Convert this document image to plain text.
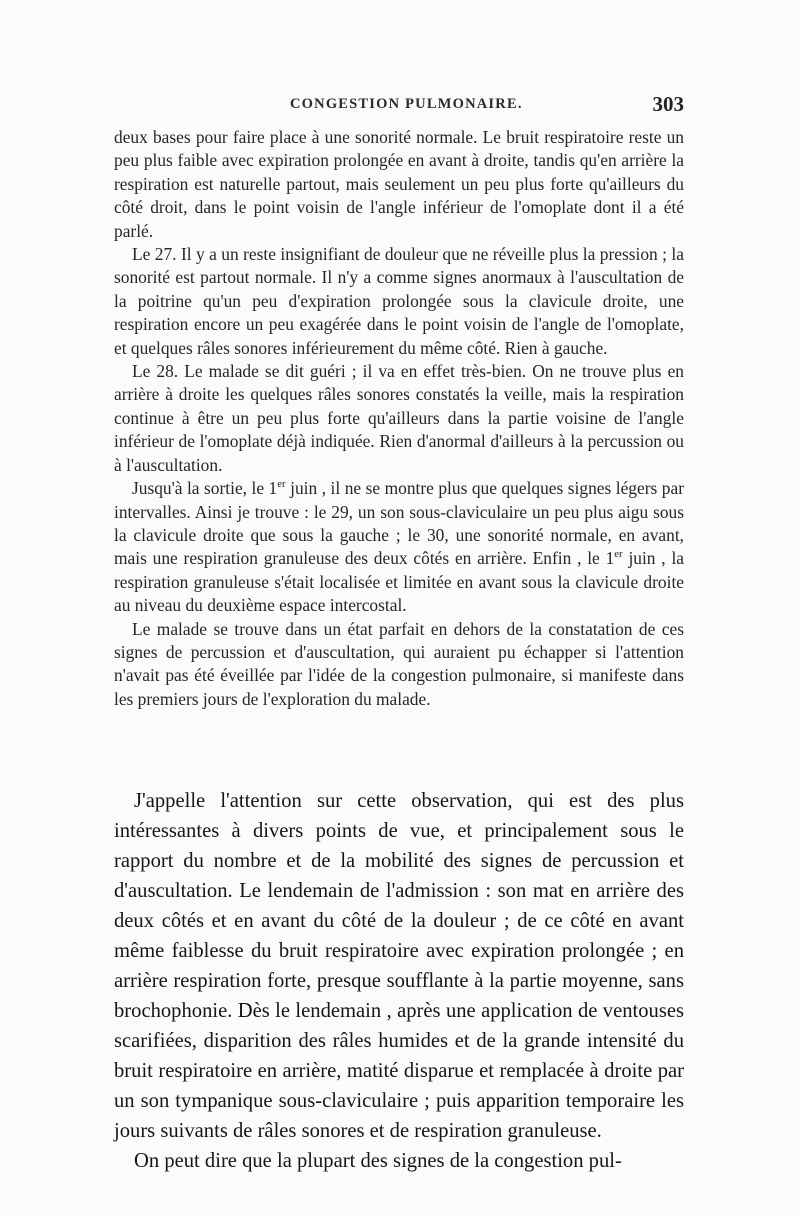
CONGESTION PULMONAIRE.	303

deux bases pour faire place à une sonorité normale. Le bruit respiratoire reste un peu plus faible avec expiration prolongée en avant à droite, tandis qu'en arrière la respiration est naturelle partout, mais seulement un peu plus forte qu'ailleurs du côté droit, dans le point voisin de l'angle inférieur de l'omoplate dont il a été parlé.

Le 27. Il y a un reste insignifiant de douleur que ne réveille plus la pression ; la sonorité est partout normale. Il n'y a comme signes anormaux à l'auscultation de la poitrine qu'un peu d'expiration prolongée sous la clavicule droite, une respiration encore un peu exagérée dans le point voisin de l'angle de l'omoplate, et quelques râles sonores inférieurement du même côté. Rien à gauche.

Le 28. Le malade se dit guéri ; il va en effet très-bien. On ne trouve plus en arrière à droite les quelques râles sonores constatés la veille, mais la respiration continue à être un peu plus forte qu'ailleurs dans la partie voisine de l'angle inférieur de l'omoplate déjà indiquée. Rien d'anormal d'ailleurs à la percussion ou à l'auscultation.

Jusqu'à la sortie, le 1er juin , il ne se montre plus que quelques signes légers par intervalles. Ainsi je trouve : le 29, un son sous-claviculaire un peu plus aigu sous la clavicule droite que sous la gauche ; le 30, une sonorité normale, en avant, mais une respiration granuleuse des deux côtés en arrière. Enfin , le 1er juin , la respiration granuleuse s'était localisée et limitée en avant sous la clavicule droite au niveau du deuxième espace intercostal.

Le malade se trouve dans un état parfait en dehors de la constatation de ces signes de percussion et d'auscultation, qui auraient pu échapper si l'attention n'avait pas été éveillée par l'idée de la congestion pulmonaire, si manifeste dans les premiers jours de l'exploration du malade.

J'appelle l'attention sur cette observation, qui est des plus intéressantes à divers points de vue, et principalement sous le rapport du nombre et de la mobilité des signes de percussion et d'auscultation. Le lendemain de l'admission : son mat en arrière des deux côtés et en avant du côté de la douleur ; de ce côté en avant même faiblesse du bruit respiratoire avec expiration prolongée ; en arrière respiration forte, presque soufflante à la partie moyenne, sans brochophonie. Dès le lendemain , après une application de ventouses scarifiées, disparition des râles humides et de la grande intensité du bruit respiratoire en arrière, matité disparue et remplacée à droite par un son tympanique sous-claviculaire ; puis apparition temporaire les jours suivants de râles sonores et de respiration granuleuse.

On peut dire que la plupart des signes de la congestion pul-
